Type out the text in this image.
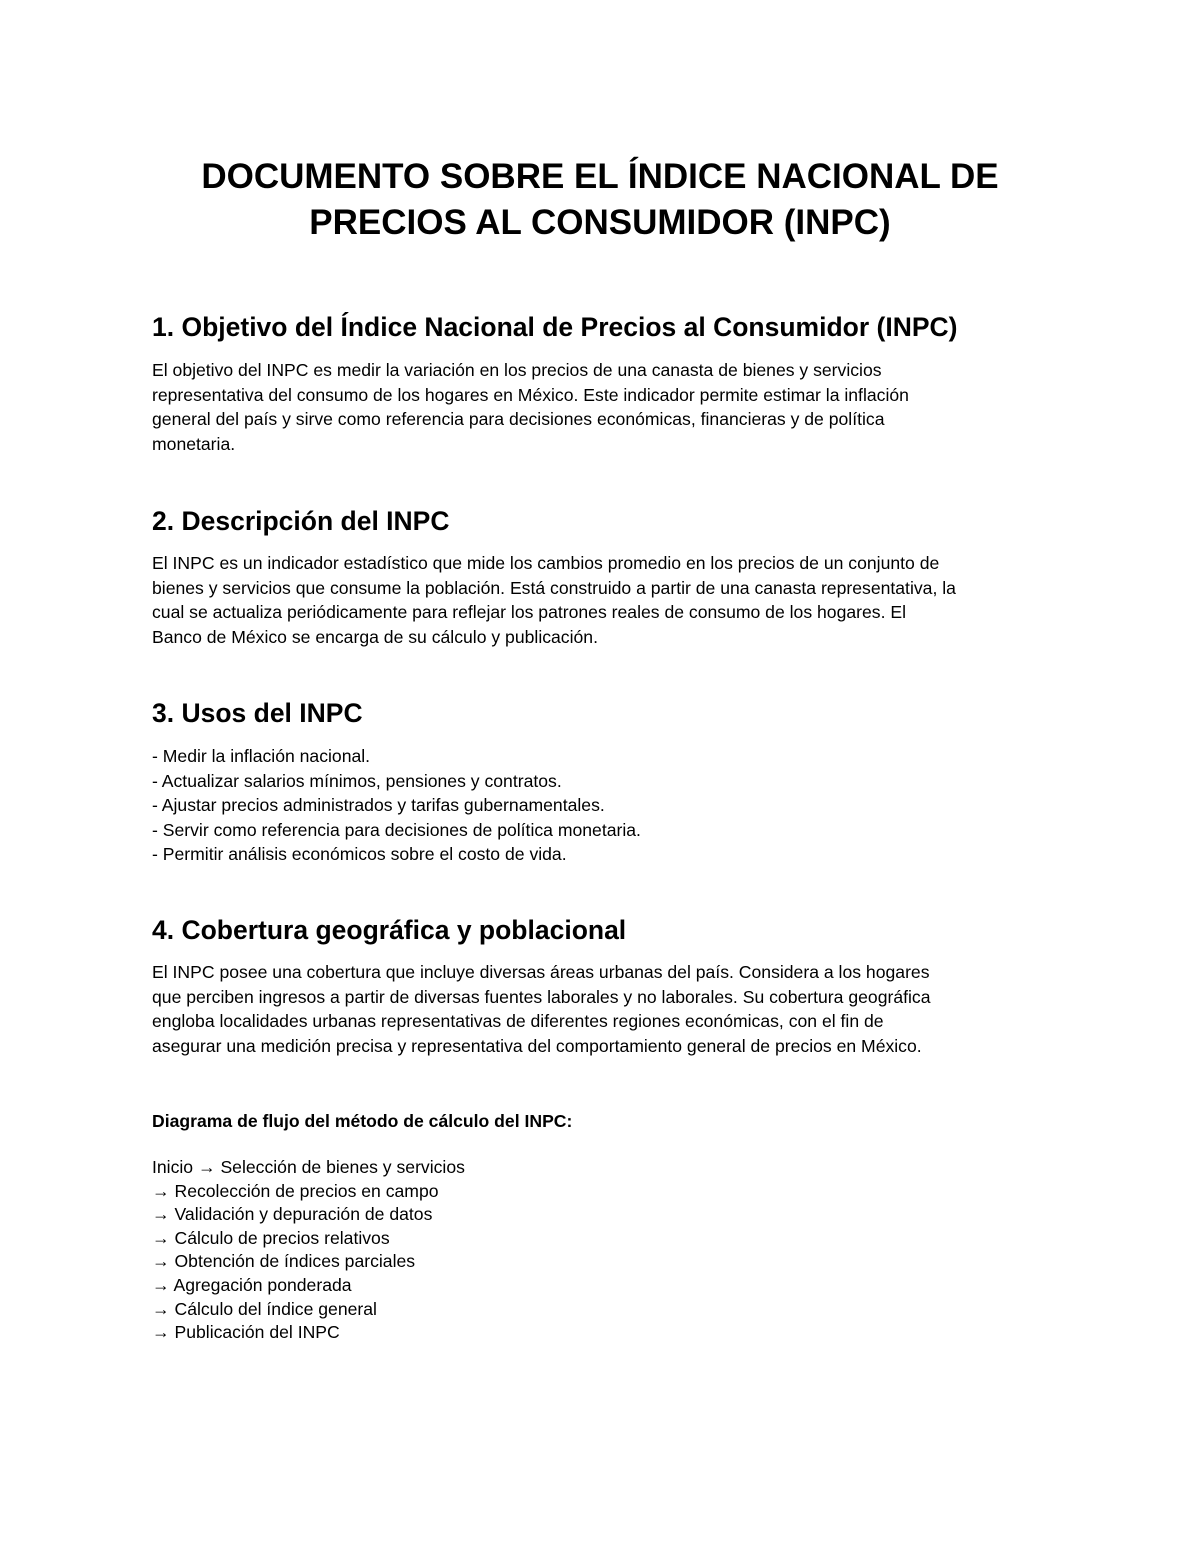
DOCUMENTO SOBRE EL ÍNDICE NACIONAL DE
PRECIOS AL CONSUMIDOR (INPC)
1. Objetivo del Índice Nacional de Precios al Consumidor (INPC)
El objetivo del INPC es medir la variación en los precios de una canasta de bienes y servicios
representativa del consumo de los hogares en México. Este indicador permite estimar la inflación
general del país y sirve como referencia para decisiones económicas, financieras y de política
monetaria.
2. Descripción del INPC
El INPC es un indicador estadístico que mide los cambios promedio en los precios de un conjunto de
bienes y servicios que consume la población. Está construido a partir de una canasta representativa, la
cual se actualiza periódicamente para reflejar los patrones reales de consumo de los hogares. El
Banco de México se encarga de su cálculo y publicación.
3. Usos del INPC
- Medir la inflación nacional.
- Actualizar salarios mínimos, pensiones y contratos.
- Ajustar precios administrados y tarifas gubernamentales.
- Servir como referencia para decisiones de política monetaria.
- Permitir análisis económicos sobre el costo de vida.
4. Cobertura geográfica y poblacional
El INPC posee una cobertura que incluye diversas áreas urbanas del país. Considera a los hogares
que perciben ingresos a partir de diversas fuentes laborales y no laborales. Su cobertura geográfica
engloba localidades urbanas representativas de diferentes regiones económicas, con el fin de
asegurar una medición precisa y representativa del comportamiento general de precios en México.
Diagrama de flujo del método de cálculo del INPC:
Inicio → Selección de bienes y servicios
→ Recolección de precios en campo
→ Validación y depuración de datos
→ Cálculo de precios relativos
→ Obtención de índices parciales
→ Agregación ponderada
→ Cálculo del índice general
→ Publicación del INPC
